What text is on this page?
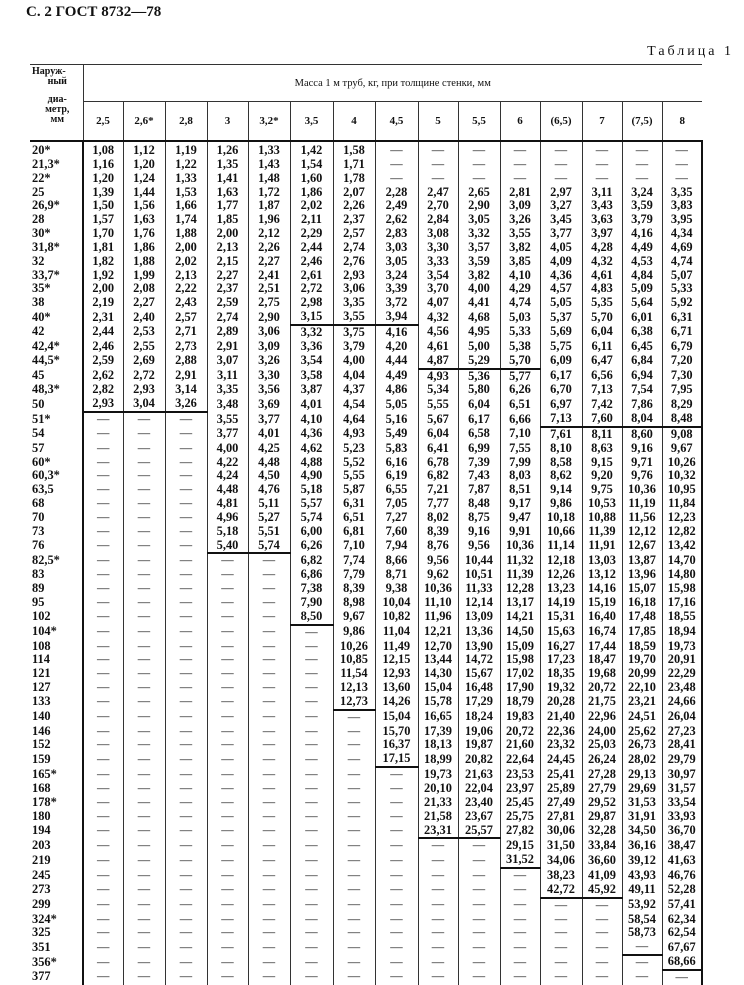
С. 2 ГОСТ 8732—78
Таблица 1
Наруж-
ный
диа-
метр,
мм	Масса 1 м труб, кг, при толщине стенки, мм														
	2,5	2,6*	2,8	3	3,2*	3,5	4	4,5	5	5,5	6	(6,5)	7	(7,5)	8
20*	1,08	1,12	1,19	1,26	1,33	1,42	1,58	—	—	—	—	—	—	—	—
21,3*	1,16	1,20	1,22	1,35	1,43	1,54	1,71	—	—	—	—	—	—	—	—
22*	1,20	1,24	1,33	1,41	1,48	1,60	1,78	—	—	—	—	—	—	—	—
25	1,39	1,44	1,53	1,63	1,72	1,86	2,07	2,28	2,47	2,65	2,81	2,97	3,11	3,24	3,35
26,9*	1,50	1,56	1,66	1,77	1,87	2,02	2,26	2,49	2,70	2,90	3,09	3,27	3,43	3,59	3,83
28	1,57	1,63	1,74	1,85	1,96	2,11	2,37	2,62	2,84	3,05	3,26	3,45	3,63	3,79	3,95
30*	1,70	1,76	1,88	2,00	2,12	2,29	2,57	2,83	3,08	3,32	3,55	3,77	3,97	4,16	4,34
31,8*	1,81	1,86	2,00	2,13	2,26	2,44	2,74	3,03	3,30	3,57	3,82	4,05	4,28	4,49	4,69
32	1,82	1,88	2,02	2,15	2,27	2,46	2,76	3,05	3,33	3,59	3,85	4,09	4,32	4,53	4,74
33,7*	1,92	1,99	2,13	2,27	2,41	2,61	2,93	3,24	3,54	3,82	4,10	4,36	4,61	4,84	5,07
35*	2,00	2,08	2,22	2,37	2,51	2,72	3,06	3,39	3,70	4,00	4,29	4,57	4,83	5,09	5,33
38	2,19	2,27	2,43	2,59	2,75	2,98	3,35	3,72	4,07	4,41	4,74	5,05	5,35	5,64	5,92
40*	2,31	2,40	2,57	2,74	2,90	3,15	3,55	3,94	4,32	4,68	5,03	5,37	5,70	6,01	6,31
42	2,44	2,53	2,71	2,89	3,06	3,32	3,75	4,16	4,56	4,95	5,33	5,69	6,04	6,38	6,71
42,4*	2,46	2,55	2,73	2,91	3,09	3,36	3,79	4,20	4,61	5,00	5,38	5,75	6,11	6,45	6,79
44,5*	2,59	2,69	2,88	3,07	3,26	3,54	4,00	4,44	4,87	5,29	5,70	6,09	6,47	6,84	7,20
45	2,62	2,72	2,91	3,11	3,30	3,58	4,04	4,49	4,93	5,36	5,77	6,17	6,56	6,94	7,30
48,3*	2,82	2,93	3,14	3,35	3,56	3,87	4,37	4,86	5,34	5,80	6,26	6,70	7,13	7,54	7,95
50	2,93	3,04	3,26	3,48	3,69	4,01	4,54	5,05	5,55	6,04	6,51	6,97	7,42	7,86	8,29
51*	—	—	—	3,55	3,77	4,10	4,64	5,16	5,67	6,17	6,66	7,13	7,60	8,04	8,48
54	—	—	—	3,77	4,01	4,36	4,93	5,49	6,04	6,58	7,10	7,61	8,11	8,60	9,08
57	—	—	—	4,00	4,25	4,62	5,23	5,83	6,41	6,99	7,55	8,10	8,63	9,16	9,67
60*	—	—	—	4,22	4,48	4,88	5,52	6,16	6,78	7,39	7,99	8,58	9,15	9,71	10,26
60,3*	—	—	—	4,24	4,50	4,90	5,55	6,19	6,82	7,43	8,03	8,62	9,20	9,76	10,32
63,5	—	—	—	4,48	4,76	5,18	5,87	6,55	7,21	7,87	8,51	9,14	9,75	10,36	10,95
68	—	—	—	4,81	5,11	5,57	6,31	7,05	7,77	8,48	9,17	9,86	10,53	11,19	11,84
70	—	—	—	4,96	5,27	5,74	6,51	7,27	8,02	8,75	9,47	10,18	10,88	11,56	12,23
73	—	—	—	5,18	5,51	6,00	6,81	7,60	8,39	9,16	9,91	10,66	11,39	12,12	12,82
76	—	—	—	5,40	5,74	6,26	7,10	7,94	8,76	9,56	10,36	11,14	11,91	12,67	13,42
82,5*	—	—	—	—	—	6,82	7,74	8,66	9,56	10,44	11,32	12,18	13,03	13,87	14,70
83	—	—	—	—	—	6,86	7,79	8,71	9,62	10,51	11,39	12,26	13,12	13,96	14,80
89	—	—	—	—	—	7,38	8,39	9,38	10,36	11,33	12,28	13,23	14,16	15,07	15,98
95	—	—	—	—	—	7,90	8,98	10,04	11,10	12,14	13,17	14,19	15,19	16,18	17,16
102	—	—	—	—	—	8,50	9,67	10,82	11,96	13,09	14,21	15,31	16,40	17,48	18,55
104*	—	—	—	—	—	—	9,86	11,04	12,21	13,36	14,50	15,63	16,74	17,85	18,94
108	—	—	—	—	—	—	10,26	11,49	12,70	13,90	15,09	16,27	17,44	18,59	19,73
114	—	—	—	—	—	—	10,85	12,15	13,44	14,72	15,98	17,23	18,47	19,70	20,91
121	—	—	—	—	—	—	11,54	12,93	14,30	15,67	17,02	18,35	19,68	20,99	22,29
127	—	—	—	—	—	—	12,13	13,60	15,04	16,48	17,90	19,32	20,72	22,10	23,48
133	—	—	—	—	—	—	12,73	14,26	15,78	17,29	18,79	20,28	21,75	23,21	24,66
140	—	—	—	—	—	—	—	15,04	16,65	18,24	19,83	21,40	22,96	24,51	26,04
146	—	—	—	—	—	—	—	15,70	17,39	19,06	20,72	22,36	24,00	25,62	27,23
152	—	—	—	—	—	—	—	16,37	18,13	19,87	21,60	23,32	25,03	26,73	28,41
159	—	—	—	—	—	—	—	17,15	18,99	20,82	22,64	24,45	26,24	28,02	29,79
165*	—	—	—	—	—	—	—	—	19,73	21,63	23,53	25,41	27,28	29,13	30,97
168	—	—	—	—	—	—	—	—	20,10	22,04	23,97	25,89	27,79	29,69	31,57
178*	—	—	—	—	—	—	—	—	21,33	23,40	25,45	27,49	29,52	31,53	33,54
180	—	—	—	—	—	—	—	—	21,58	23,67	25,75	27,81	29,87	31,91	33,93
194	—	—	—	—	—	—	—	—	23,31	25,57	27,82	30,06	32,28	34,50	36,70
203	—	—	—	—	—	—	—	—	—	—	29,15	31,50	33,84	36,16	38,47
219	—	—	—	—	—	—	—	—	—	—	31,52	34,06	36,60	39,12	41,63
245	—	—	—	—	—	—	—	—	—	—	—	38,23	41,09	43,93	46,76
273	—	—	—	—	—	—	—	—	—	—	—	42,72	45,92	49,11	52,28
299	—	—	—	—	—	—	—	—	—	—	—	—	—	53,92	57,41
324*	—	—	—	—	—	—	—	—	—	—	—	—	—	58,54	62,34
325	—	—	—	—	—	—	—	—	—	—	—	—	—	58,73	62,54
351	—	—	—	—	—	—	—	—	—	—	—	—	—	—	67,67
356*	—	—	—	—	—	—	—	—	—	—	—	—	—	—	68,66
377	—	—	—	—	—	—	—	—	—	—	—	—	—	—	—
